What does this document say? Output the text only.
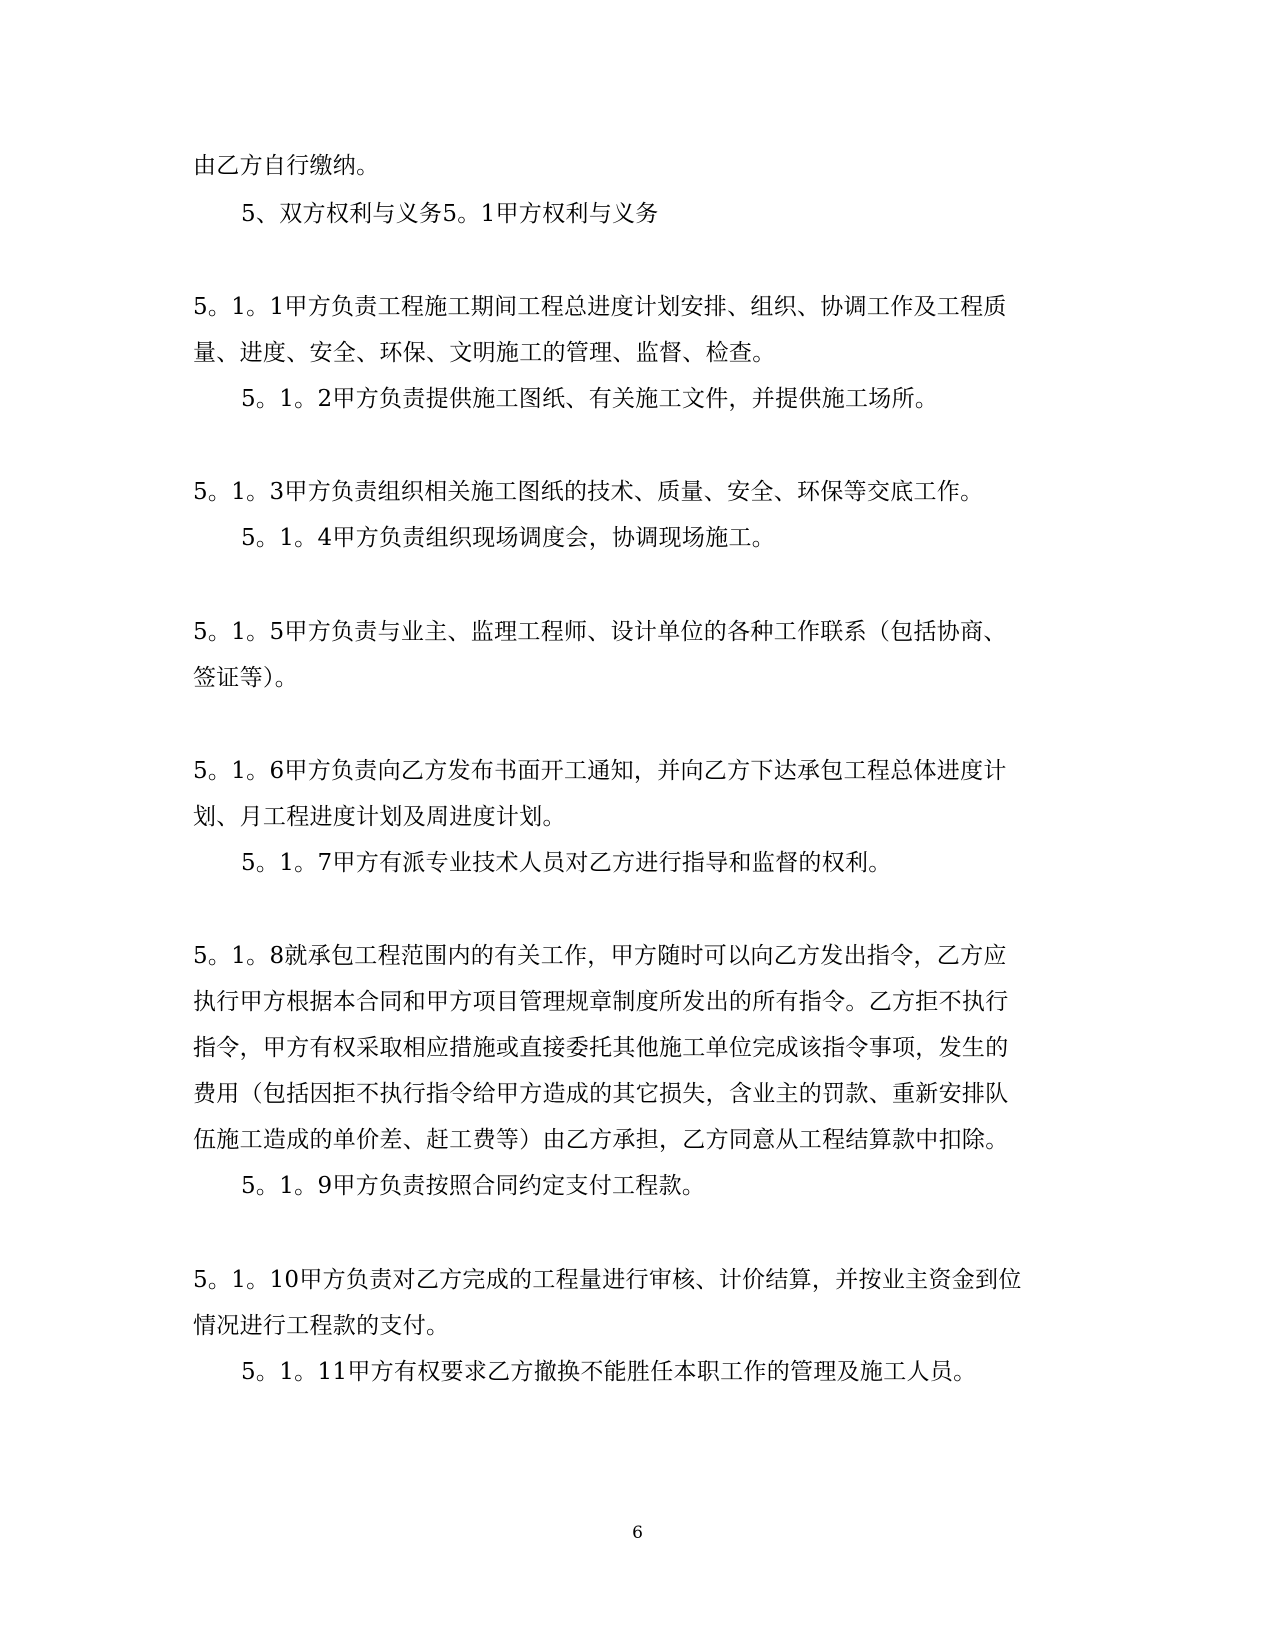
由乙方自行缴纳。
5、双方权利与义务5。1甲方权利与义务
5。1。1甲方负责工程施工期间工程总进度计划安排、组织、协调工作及工程质
量、进度、安全、环保、文明施工的管理、监督、检查。
5。1。2甲方负责提供施工图纸、有关施工文件，并提供施工场所。
5。1。3甲方负责组织相关施工图纸的技术、质量、安全、环保等交底工作。
5。1。4甲方负责组织现场调度会，协调现场施工。
5。1。5甲方负责与业主、监理工程师、设计单位的各种工作联系（包括协商、
签证等）。
5。1。6甲方负责向乙方发布书面开工通知，并向乙方下达承包工程总体进度计
划、月工程进度计划及周进度计划。
5。1。7甲方有派专业技术人员对乙方进行指导和监督的权利。
5。1。8就承包工程范围内的有关工作，甲方随时可以向乙方发出指令，乙方应
执行甲方根据本合同和甲方项目管理规章制度所发出的所有指令。乙方拒不执行
指令，甲方有权采取相应措施或直接委托其他施工单位完成该指令事项，发生的
费用（包括因拒不执行指令给甲方造成的其它损失，含业主的罚款、重新安排队
伍施工造成的单价差、赶工费等）由乙方承担，乙方同意从工程结算款中扣除。
5。1。9甲方负责按照合同约定支付工程款。
5。1。10甲方负责对乙方完成的工程量进行审核、计价结算，并按业主资金到位
情况进行工程款的支付。
5。1。11甲方有权要求乙方撤换不能胜任本职工作的管理及施工人员。
6
